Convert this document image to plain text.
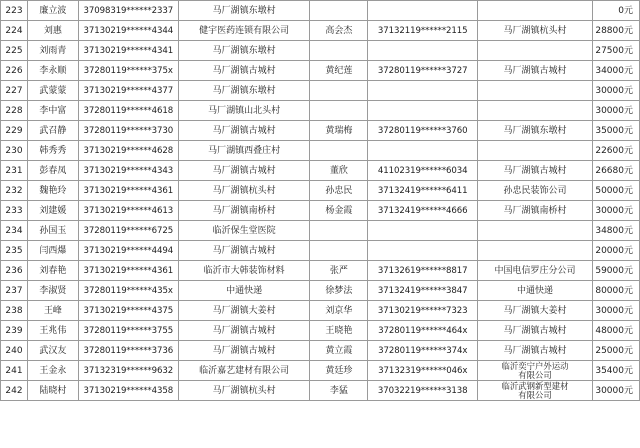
223	廉立波	37098319******2337	马厂湖镇东墩村				0元
224	刘惠	37130219******4344	健宇医药连锁有限公司	高会杰	37132119******2115	马厂湖镇杭头村	28800元
225	刘雨青	37130219******4341	马厂湖镇东墩村				27500元
226	李永顺	37280119******375x	马厂湖镇古城村	黄纪莲	37280119******3727	马厂湖镇古城村	34000元
227	武蒙蒙	37130219******4377	马厂湖镇东墩村				30000元
228	李中富	37280119******4618	马厂湖镇山北头村				30000元
229	武召静	37280119******3730	马厂湖镇古城村	黄瑞梅	37280119******3760	马厂湖镇东墩村	35000元
230	韩秀秀	37130219******4628	马厂湖镇西叠庄村				22600元
231	彭春凤	37130219******4343	马厂湖镇古城村	董欣	41102319******6034	马厂湖镇古城村	26680元
232	魏艳玲	37130219******4361	马厂湖镇杭头村	孙忠民	37132419******6411	孙忠民装饰公司	50000元
233	刘建媛	37130219******4613	马厂湖镇南桥村	杨金霞	37132419******4666	马厂湖镇南桥村	30000元
234	孙国玉	37280119******6725	临沂保生堂医院				34800元
235	闫西爆	37130219******4494	马厂湖镇古城村				20000元
236	刘春艳	37130219******4361	临沂市大韩装饰材料	张严	37132619******8817	中国电信罗庄分公司	59000元
237	李淑贤	37280119******435x	中通快递	徐梦法	37132419******3847	中通快递	80000元
238	王峰	37130219******4375	马厂湖镇大姜村	刘京华	37130219******7323	马厂湖镇大姜村	30000元
239	王兆伟	37280119******3755	马厂湖镇古城村	王晓艳	37280119******464x	马厂湖镇古城村	48000元
240	武汉友	37280119******3736	马厂湖镇古城村	黄立霞	37280119******374x	马厂湖镇古城村	25000元
241	王金永	37132319******9632	临沂嘉艺建材有限公司	黄廷珍	37132319******046x	临沂奕宁户外运动
有限公司	35400元
242	陆晓村	37130219******4358	马厂湖镇杭头村	李猛	37032219******3138	临沂武钢新型建材
有限公司	30000元
